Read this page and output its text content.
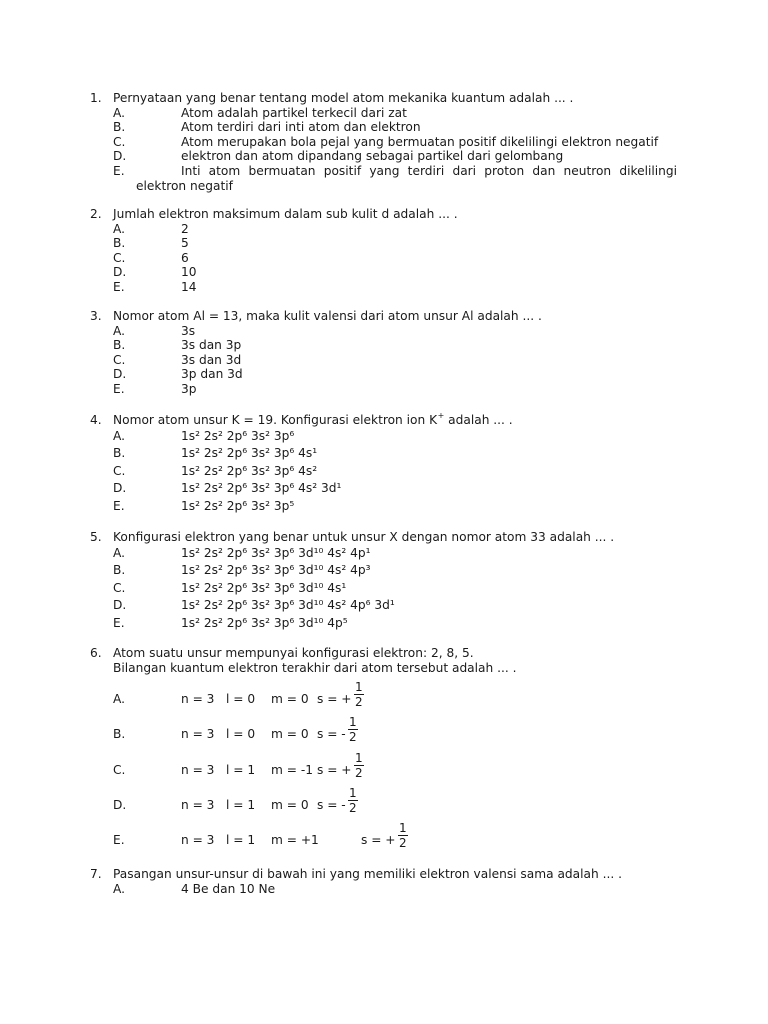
1. Pernyataan yang benar tentang model atom mekanika kuantum adalah ... .
A.	Atom adalah partikel terkecil dari zat
B.	Atom terdiri dari inti atom dan elektron
C.	Atom merupakan bola pejal yang bermuatan positif dikelilingi elektron negatif
D.	elektron dan atom dipandang sebagai partikel dari gelombang
E.	Inti atom bermuatan positif yang terdiri dari proton dan neutron dikelilingi
elektron negatif
2. Jumlah elektron maksimum dalam sub kulit d adalah ... .
A.	2
B.	5
C.	6
D.	10
E.	14
3. Nomor atom Al = 13, maka kulit valensi dari atom unsur Al adalah ... .
A.	3s
B.	3s dan 3p
C.	3s dan 3d
D.	3p dan 3d
E.	3p
4. Nomor atom unsur K = 19. Konfigurasi elektron ion K+ adalah ... .
A.	1s² 2s² 2p⁶ 3s² 3p⁶
B.	1s² 2s² 2p⁶ 3s² 3p⁶ 4s¹
C.	1s² 2s² 2p⁶ 3s² 3p⁶ 4s²
D.	1s² 2s² 2p⁶ 3s² 3p⁶ 4s² 3d¹
E.	1s² 2s² 2p⁶ 3s² 3p⁵
5. Konfigurasi elektron yang benar untuk unsur X dengan nomor atom 33 adalah ... .
A.	1s² 2s² 2p⁶ 3s² 3p⁶ 3d¹⁰ 4s² 4p¹
B.	1s² 2s² 2p⁶ 3s² 3p⁶ 3d¹⁰ 4s² 4p³
C.	1s² 2s² 2p⁶ 3s² 3p⁶ 3d¹⁰ 4s¹
D.	1s² 2s² 2p⁶ 3s² 3p⁶ 3d¹⁰ 4s² 4p⁶ 3d¹
E.	1s² 2s² 2p⁶ 3s² 3p⁶ 3d¹⁰ 4p⁵
6. Atom suatu unsur mempunyai konfigurasi elektron: 2, 8, 5.
Bilangan kuantum elektron terakhir dari atom tersebut adalah ... .
A.	n = 3 l = 0 m = 0 s = + $\frac{1}{2}$
B.	n = 3 l = 0 m = 0 s = - $\frac{1}{2}$
C.	n = 3 l = 1 m = -1 s = + $\frac{1}{2}$
D.	n = 3 l = 1 m = 0 s = - $\frac{1}{2}$
E.	n = 3 l = 1 m = +1	s = + $\frac{1}{2}$
7. Pasangan unsur-unsur di bawah ini yang memiliki elektron valensi sama adalah ... .
A.	4 Be dan 10 Ne
